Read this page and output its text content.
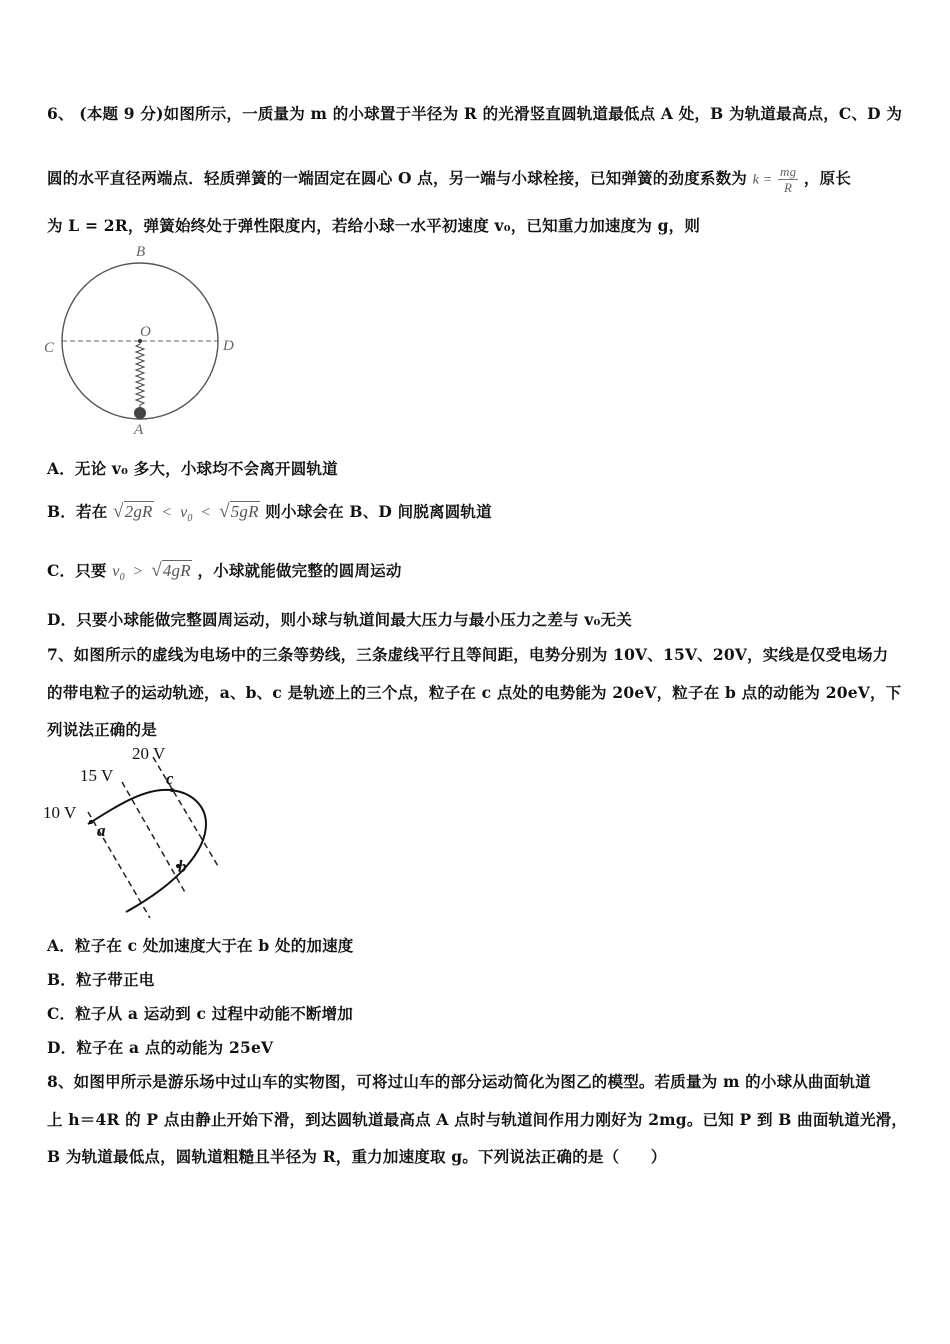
6、 (本题 9 分)如图所示，一质量为 m 的小球置于半径为 R 的光滑竖直圆轨道最低点 A 处，B 为轨道最高点，C、D 为
圆的水平直径两端点．轻质弹簧的一端固定在圆心 O 点，另一端与小球栓接，已知弹簧的劲度系数为 $k = \frac{mg}{R}$ ，原长
为 L = 2R，弹簧始终处于弹性限度内，若给小球一水平初速度 v₀，已知重力加速度为 g，则
B
C	D
O
A
A．无论 v₀ 多大，小球均不会离开圆轨道
B．若在 $√2gR < v_0 < √5gR$ 则小球会在 B、D 间脱离圆轨道
C．只要 $v_0 > √4gR$ ，小球就能做完整的圆周运动
D．只要小球能做完整圆周运动，则小球与轨道间最大压力与最小压力之差与 v₀无关
7、如图所示的虚线为电场中的三条等势线，三条虚线平行且等间距，电势分别为 10V、15V、20V，实线是仅受电场力
的带电粒子的运动轨迹，a、b、c 是轨迹上的三个点，粒子在 c 点处的电势能为 20eV，粒子在 b 点的动能为 20eV，下
列说法正确的是
20 V
15 V
10 V
a
b
c
A．粒子在 c 处加速度大于在 b 处的加速度
B．粒子带正电
C．粒子从 a 运动到 c 过程中动能不断增加
D．粒子在 a 点的动能为 25eV
8、如图甲所示是游乐场中过山车的实物图，可将过山车的部分运动简化为图乙的模型。若质量为 m 的小球从曲面轨道
上 h＝4R 的 P 点由静止开始下滑，到达圆轨道最高点 A 点时与轨道间作用力刚好为 2mg。已知 P 到 B 曲面轨道光滑，
B 为轨道最低点，圆轨道粗糙且半径为 R，重力加速度取 g。下列说法正确的是（　　）
